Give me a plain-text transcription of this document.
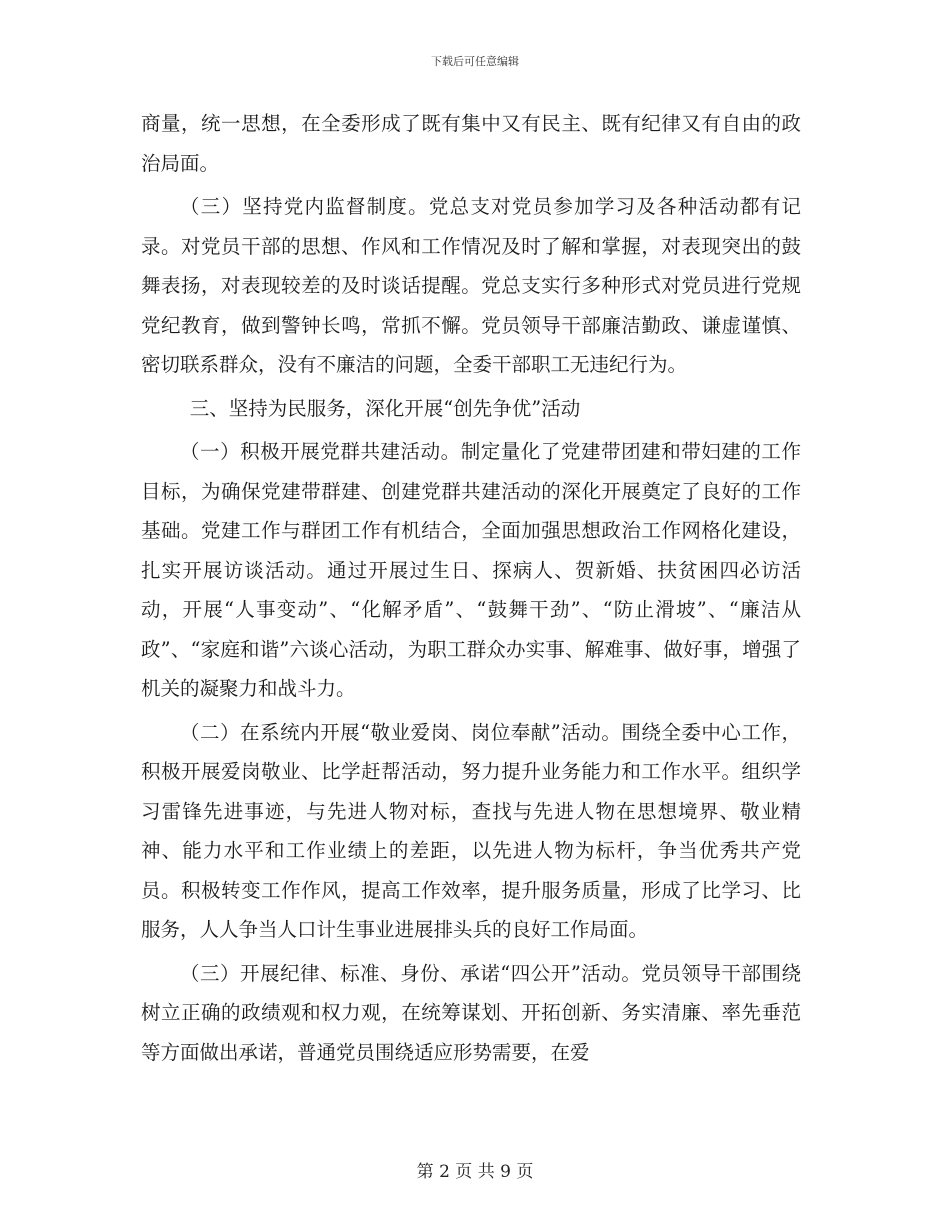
下载后可任意编辑

商量，统一思想，在全委形成了既有集中又有民主、既有纪律又有自由的政治局面。

（三）坚持党内监督制度。党总支对党员参加学习及各种活动都有记录。对党员干部的思想、作风和工作情况及时了解和掌握，对表现突出的鼓舞表扬，对表现较差的及时谈话提醒。党总支实行多种形式对党员进行党规党纪教育，做到警钟长鸣，常抓不懈。党员领导干部廉洁勤政、谦虚谨慎、密切联系群众，没有不廉洁的问题，全委干部职工无违纪行为。

三、坚持为民服务，深化开展“创先争优”活动

（一）积极开展党群共建活动。制定量化了党建带团建和带妇建的工作目标，为确保党建带群建、创建党群共建活动的深化开展奠定了良好的工作基础。党建工作与群团工作有机结合，全面加强思想政治工作网格化建设，扎实开展访谈活动。通过开展过生日、探病人、贺新婚、扶贫困四必访活动，开展“人事变动”、“化解矛盾”、“鼓舞干劲”、“防止滑坡”、“廉洁从政”、“家庭和谐”六谈心活动，为职工群众办实事、解难事、做好事，增强了机关的凝聚力和战斗力。

（二）在系统内开展“敬业爱岗、岗位奉献”活动。围绕全委中心工作，积极开展爱岗敬业、比学赶帮活动，努力提升业务能力和工作水平。组织学习雷锋先进事迹，与先进人物对标，查找与先进人物在思想境界、敬业精神、能力水平和工作业绩上的差距，以先进人物为标杆，争当优秀共产党员。积极转变工作作风，提高工作效率，提升服务质量，形成了比学习、比服务，人人争当人口计生事业进展排头兵的良好工作局面。

（三）开展纪律、标准、身份、承诺“四公开”活动。党员领导干部围绕树立正确的政绩观和权力观，在统筹谋划、开拓创新、务实清廉、率先垂范等方面做出承诺，普通党员围绕适应形势需要，在爱

第 2 页 共 9 页
